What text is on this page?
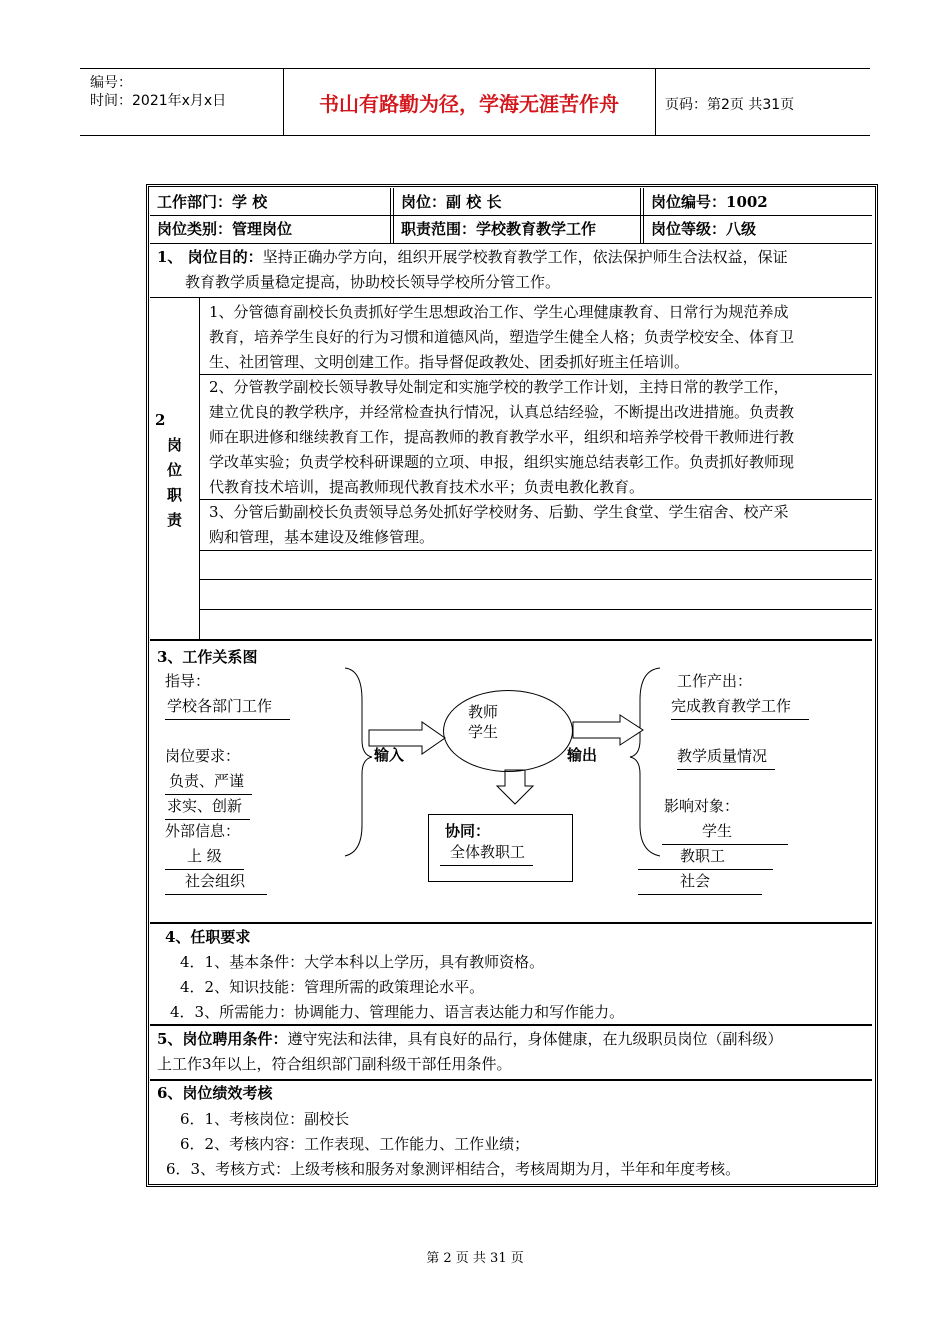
编号：
时间：2021年x月x日	书山有路勤为径，学海无涯苦作舟	页码：第2页 共31页
工作部门：学 校	岗位：副 校 长	岗位编号：1002
岗位类别：管理岗位	职责范围：学校教育教学工作	岗位等级：八级
1、 岗位目的：坚持正确办学方向，组织开展学校教育教学工作，依法保护师生合法权益，保证
教育教学质量稳定提高，协助校长领导学校所分管工作。
2
岗
位
职
责
1、分管德育副校长负责抓好学生思想政治工作、学生心理健康教育、日常行为规范养成
教育，培养学生良好的行为习惯和道德风尚，塑造学生健全人格；负责学校安全、体育卫
生、社团管理、文明创建工作。指导督促政教处、团委抓好班主任培训。
2、分管教学副校长领导教导处制定和实施学校的教学工作计划，主持日常的教学工作，
建立优良的教学秩序，并经常检查执行情况，认真总结经验，不断提出改进措施。负责教
师在职进修和继续教育工作，提高教师的教育教学水平，组织和培养学校骨干教师进行教
学改革实验；负责学校科研课题的立项、申报，组织实施总结表彰工作。负责抓好教师现
代教育技术培训，提高教师现代教育技术水平；负责电教化教育。
3、分管后勤副校长负责领导总务处抓好学校财务、后勤、学生食堂、学生宿舍、校产采
购和管理，基本建设及维修管理。
3、工作关系图
指导：
学校各部门工作
岗位要求：
负责、严谨
求实、创新
外部信息：
上 级
社会组织
教师
学生
输入	输出
协同：
全体教职工
工作产出：
完成教育教学工作
教学质量情况
影响对象：
学生
教职工
社会
4、任职要求
4．1、基本条件：大学本科以上学历，具有教师资格。
4．2、知识技能：管理所需的政策理论水平。
4．3、所需能力：协调能力、管理能力、语言表达能力和写作能力。
5、岗位聘用条件：遵守宪法和法律，具有良好的品行，身体健康，在九级职员岗位（副科级）
上工作3年以上，符合组织部门副科级干部任用条件。
6、岗位绩效考核
6．1、考核岗位：副校长
6．2、考核内容：工作表现、工作能力、工作业绩；
6．3、考核方式：上级考核和服务对象测评相结合，考核周期为月，半年和年度考核。
第 2 页 共 31 页
